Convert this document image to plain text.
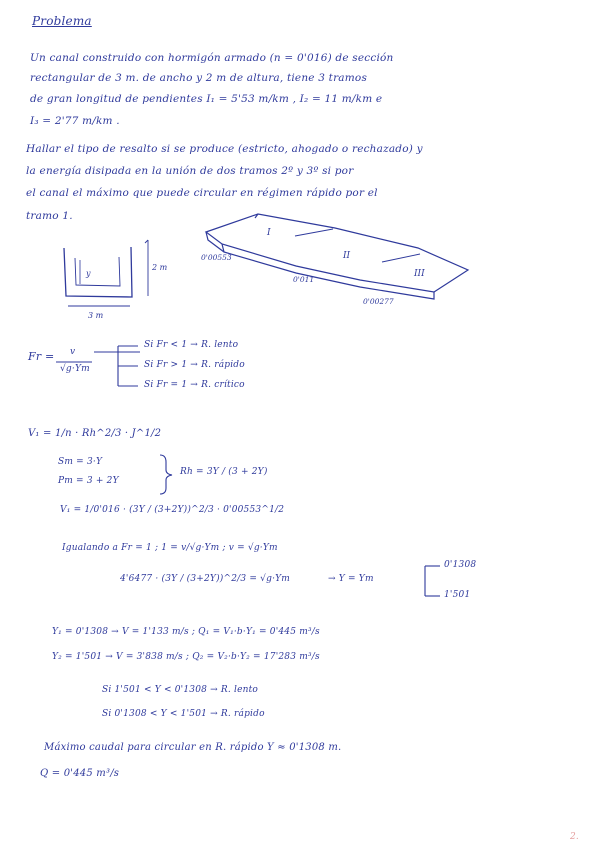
Problema
Un canal construido con hormigón armado (n = 0'016) de sección
rectangular de 3 m. de ancho y 2 m de altura, tiene 3 tramos
de gran longitud de pendientes I₁ = 5'53 m/km , I₂ = 11 m/km e
I₃ = 2'77 m/km .
Hallar el tipo de resalto si se produce (estricto, ahogado o rechazado) y
la energía disipada en la unión de dos tramos 2º y 3º si por
el canal el máximo que puede circular en régimen rápido por el
tramo 1.
2 m
y
3 m
I
II
III
0'00553
0'011
0'00277
Fr = v
√g·Ym
Si Fr < 1 → R. lento
Si Fr > 1 → R. rápido
Si Fr = 1 → R. crítico
V₁ = 1/n · Rh^2/3 · J^1/2
Sm = 3·Y
Pm = 3 + 2Y
Rh = 3Y / (3 + 2Y)
V₁ = 1/0'016 · (3Y / (3+2Y))^2/3 · 0'00553^1/2
Igualando a Fr = 1 ; 1 = v/√g·Ym ; v = √g·Ym
4'6477 · (3Y / (3+2Y))^2/3 = √g·Ym	→ Y = Ym
0'1308
1'501
Y₁ = 0'1308 → V = 1'133 m/s ; Q₁ = V₁·b·Y₁ = 0'445 m³/s
Y₂ = 1'501 → V = 3'838 m/s ; Q₂ = V₂·b·Y₂ = 17'283 m³/s
Si 1'501 < Y < 0'1308 → R. lento
Si 0'1308 < Y < 1'501 → R. rápido
Máximo caudal para circular en R. rápido Y ≈ 0'1308 m.
Q = 0'445 m³/s
2.
